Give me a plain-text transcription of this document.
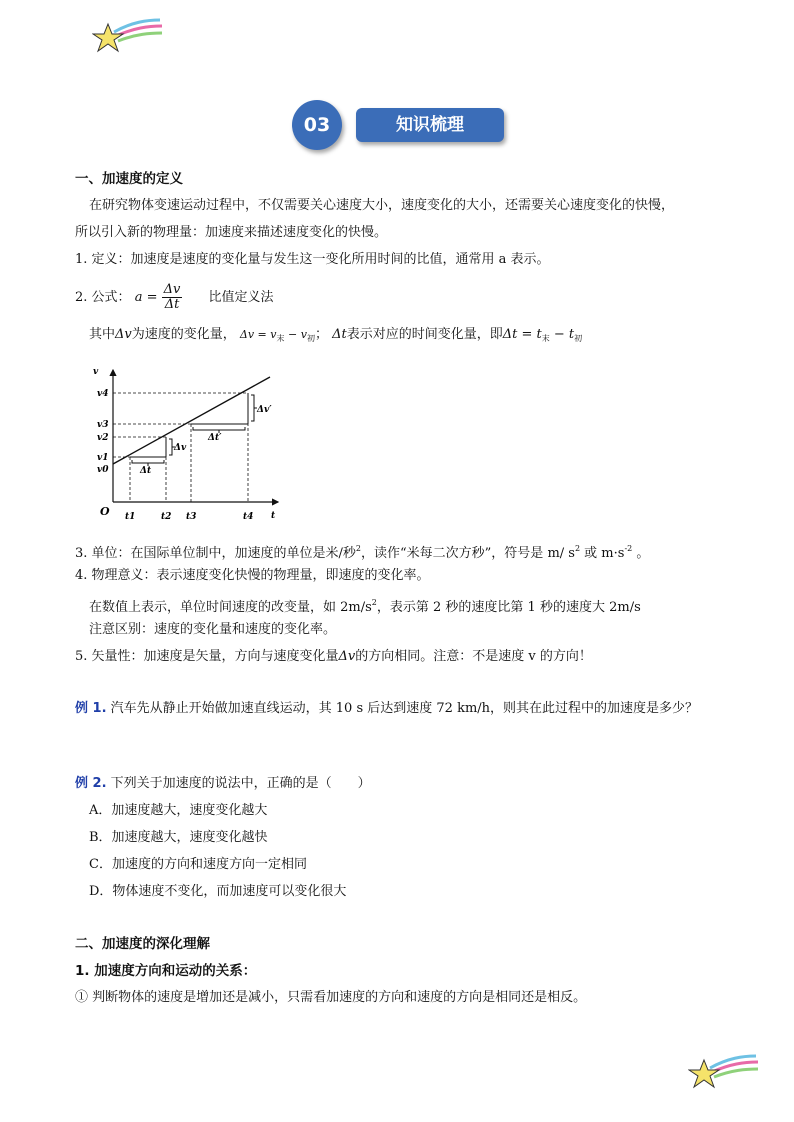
03	知识梳理
一、加速度的定义
在研究物体变速运动过程中，不仅需要关心速度大小，速度变化的大小，还需要关心速度变化的快慢，
所以引入新的物理量：加速度来描述速度变化的快慢。
1. 定义：加速度是速度的变化量与发生这一变化所用时间的比值，通常用 a 表示。
2. 公式： $a = \frac{\Delta v}{\Delta t}$ 比值定义法
其中Δv为速度的变化量， $\Delta v = v_末 - v_初$； Δt表示对应的时间变化量，即$\Delta t = t_末 - t_初$
v
t
O
v4
v3
v2
v1
v0
t1	t2 t3	t4
Δv
Δt
Δv′
Δt′
3. 单位：在国际单位制中，加速度的单位是米/秒$^2$，读作“米每二次方秒”，符号是 m/ $s^2$ 或 $m\cdot s^{-2}$ 。
4. 物理意义：表示速度变化快慢的物理量，即速度的变化率。
在数值上表示，单位时间速度的改变量，如 $2m/s^2$，表示第 2 秒的速度比第 1 秒的速度大 2m/s
注意区别：速度的变化量和速度的变化率。
5. 矢量性：加速度是矢量，方向与速度变化量Δv的方向相同。注意：不是速度 v 的方向！
例 1. 汽车先从静止开始做加速直线运动，其 10 s 后达到速度 72 km/h，则其在此过程中的加速度是多少？
例 2. 下列关于加速度的说法中，正确的是（　　）
A．加速度越大，速度变化越大
B．加速度越大，速度变化越快
C．加速度的方向和速度方向一定相同
D．物体速度不变化，而加速度可以变化很大
二、加速度的深化理解
1. 加速度方向和运动的关系：
① 判断物体的速度是增加还是减小，只需看加速度的方向和速度的方向是相同还是相反。
